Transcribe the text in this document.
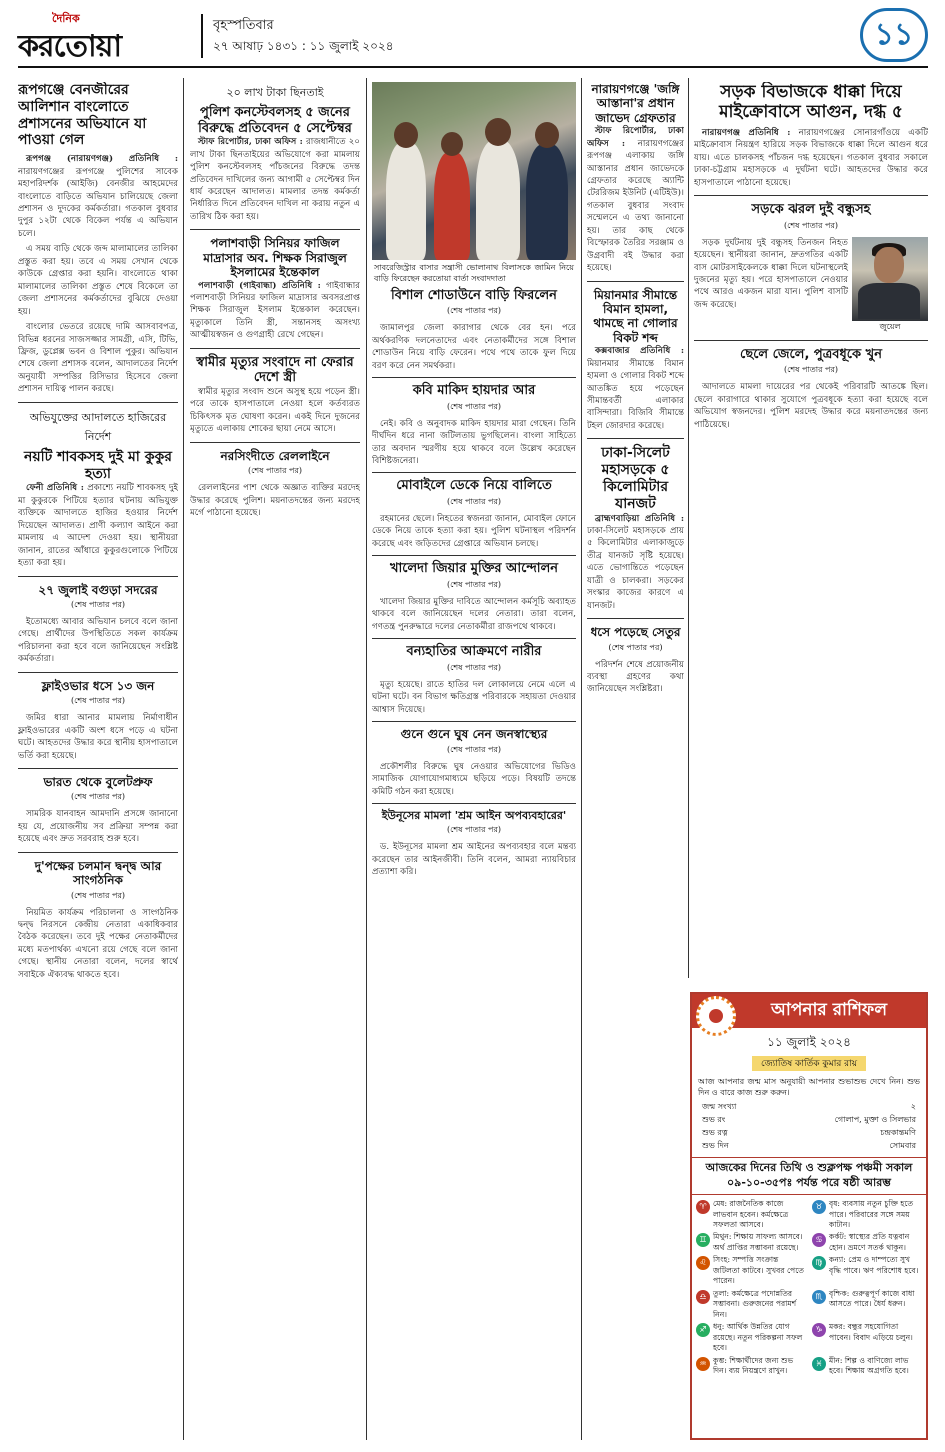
দৈনিক
করতোয়া
বৃহস্পতিবার
২৭ আষাঢ় ১৪৩১ : ১১ জুলাই ২০২৪	১১
রূপগঞ্জে বেনজীরের আলিশান বাংলোতে প্রশাসনের অভিযানে যা পাওয়া গেল

রূপগঞ্জ (নারায়ণগঞ্জ) প্রতিনিধি : নারায়ণগঞ্জের রূপগঞ্জে পুলিশের সাবেক মহাপরিদর্শক (আইজি) বেনজীর আহমেদের বাংলোতে বাড়িতে অভিযান চালিয়েছে জেলা প্রশাসন ও দুদকের কর্মকর্তারা। গতকাল বুধবার দুপুর ১২টা থেকে বিকেল পর্যন্ত এ অভিযান চলে।

এ সময় বাড়ি থেকে জব্দ মালামালের তালিকা প্রস্তুত করা হয়। তবে এ সময় সেখান থেকে কাউকে গ্রেপ্তার করা হয়নি। বাংলোতে থাকা মালামালের তালিকা প্রস্তুত শেষে বিকেলে তা জেলা প্রশাসনের কর্মকর্তাদের বুঝিয়ে দেওয়া হয়।

বাংলোর ভেতরে রয়েছে দামি আসবাবপত্র, বিভিন্ন ধরনের সাজসজ্জার সামগ্রী, এসি, টিভি, ফ্রিজ, ডুপ্লেক্স ভবন ও বিশাল পুকুর। অভিযান শেষে জেলা প্রশাসক বলেন, আদালতের নির্দেশ অনুযায়ী সম্পত্তির রিসিভার হিসেবে জেলা প্রশাসন দায়িত্ব পালন করছে।

অভিযুক্তের আদালতে হাজিরের নির্দেশ
নয়টি শাবকসহ দুই মা কুকুর হত্যা

ফেনী প্রতিনিধি : প্রকাশ্যে নয়টি শাবকসহ দুই মা কুকুরকে পিটিয়ে হত্যার ঘটনায় অভিযুক্ত ব্যক্তিকে আদালতে হাজির হওয়ার নির্দেশ দিয়েছেন আদালত। প্রাণী কল্যাণ আইনে করা মামলায় এ আদেশ দেওয়া হয়। স্থানীয়রা জানান, রাতের আঁধারে কুকুরগুলোকে পিটিয়ে হত্যা করা হয়।

২৭ জুলাই বগুড়া সদরের
(শেষ পাতার পর)

ইতোমধ্যে আবার অভিযান চলবে বলে জানা গেছে। প্রার্থীদের উপস্থিতিতে সকল কার্যক্রম পরিচালনা করা হবে বলে জানিয়েছেন সংশ্লিষ্ট কর্মকর্তারা।

ফ্লাইওভার ধসে ১৩ জন
(শেষ পাতার পর)

জমির ধারা আনার মামলায় নির্মাণাধীন ফ্লাইওভারের একটি অংশ ধসে পড়ে এ ঘটনা ঘটে। আহতদের উদ্ধার করে স্থানীয় হাসপাতালে ভর্তি করা হয়েছে।

ভারত থেকে বুলেটপ্রুফ
(শেষ পাতার পর)

সামরিক যানবাহন আমদানি প্রসঙ্গে জানানো হয় যে, প্রয়োজনীয় সব প্রক্রিয়া সম্পন্ন করা হয়েছে এবং দ্রুত সরবরাহ শুরু হবে।

দু'পক্ষের চলমান দ্বন্দ্ব আর সাংগঠনিক
(শেষ পাতার পর)

নিয়মিত কার্যক্রম পরিচালনা ও সাংগঠনিক দ্বন্দ্ব নিরসনে কেন্দ্রীয় নেতারা একাধিকবার বৈঠক করেছেন। তবে দুই পক্ষের নেতাকর্মীদের মধ্যে মতপার্থক্য এখনো রয়ে গেছে বলে জানা গেছে। স্থানীয় নেতারা বলেন, দলের স্বার্থে সবাইকে ঐক্যবদ্ধ থাকতে হবে।

২০ লাখ টাকা ছিনতাই
পুলিশ কনস্টেবলসহ ৫ জনের বিরুদ্ধে প্রতিবেদন ৫ সেপ্টেম্বর

স্টাফ রিপোর্টার, ঢাকা অফিস : রাজধানীতে ২০ লাখ টাকা ছিনতাইয়ের অভিযোগে করা মামলায় পুলিশ কনস্টেবলসহ পাঁচজনের বিরুদ্ধে তদন্ত প্রতিবেদন দাখিলের জন্য আগামী ৫ সেপ্টেম্বর দিন ধার্য করেছেন আদালত। মামলার তদন্ত কর্মকর্তা নির্ধারিত দিনে প্রতিবেদন দাখিল না করায় নতুন এ তারিখ ঠিক করা হয়।

পলাশবাড়ী সিনিয়র ফাজিল মাদ্রাসার অব. শিক্ষক সিরাজুল ইসলামের ইন্তেকাল

পলাশবাড়ী (গাইবান্ধা) প্রতিনিধি : গাইবান্ধার পলাশবাড়ী সিনিয়র ফাজিল মাদ্রাসার অবসরপ্রাপ্ত শিক্ষক সিরাজুল ইসলাম ইন্তেকাল করেছেন। মৃত্যুকালে তিনি স্ত্রী, সন্তানসহ অসংখ্য আত্মীয়স্বজন ও গুণগ্রাহী রেখে গেছেন।

স্বামীর মৃত্যুর সংবাদে না ফেরার দেশে স্ত্রী

স্বামীর মৃত্যুর সংবাদ শুনে অসুস্থ হয়ে পড়েন স্ত্রী। পরে তাকে হাসপাতালে নেওয়া হলে কর্তব্যরত চিকিৎসক মৃত ঘোষণা করেন। একই দিনে দুজনের মৃত্যুতে এলাকায় শোকের ছায়া নেমে আসে।

নরসিংদীতে রেললাইনে
(শেষ পাতার পর)

রেললাইনের পাশ থেকে অজ্ঞাত ব্যক্তির মরদেহ উদ্ধার করেছে পুলিশ। ময়নাতদন্তের জন্য মরদেহ মর্গে পাঠানো হয়েছে।

সাবরেজিস্ট্রার বাসার সন্ত্রাসী ভোলানাথ বিলাসকে জামিন নিয়ে বাড়ি ফিরেছেন করতোয়া বার্তা সংবাদদাতা
বিশাল শোডাউনে বাড়ি ফিরলেন
(শেষ পাতার পর)

জামালপুর জেলা কারাগার থেকে বের হন। পরে অর্থকরণিক দলনেতাদের এবং নেতাকর্মীদের সঙ্গে বিশাল শোডাউন নিয়ে বাড়ি ফেরেন। পথে পথে তাকে ফুল দিয়ে বরণ করে নেন সমর্থকরা।

কবি মাকিদ হায়দার আর
(শেষ পাতার পর)

নেই। কবি ও অনুবাদক মাকিদ হায়দার মারা গেছেন। তিনি দীর্ঘদিন ধরে নানা জটিলতায় ভুগছিলেন। বাংলা সাহিত্যে তার অবদান স্মরণীয় হয়ে থাকবে বলে উল্লেখ করেছেন বিশিষ্টজনেরা।

মোবাইলে ডেকে নিয়ে বালিতে
(শেষ পাতার পর)

রহমানের ছেলে। নিহতের স্বজনরা জানান, মোবাইল ফোনে ডেকে নিয়ে তাকে হত্যা করা হয়। পুলিশ ঘটনাস্থল পরিদর্শন করেছে এবং জড়িতদের গ্রেপ্তারে অভিযান চলছে।

খালেদা জিয়ার মুক্তির আন্দোলন
(শেষ পাতার পর)

খালেদা জিয়ার মুক্তির দাবিতে আন্দোলন কর্মসূচি অব্যাহত থাকবে বলে জানিয়েছেন দলের নেতারা। তারা বলেন, গণতন্ত্র পুনরুদ্ধারে দলের নেতাকর্মীরা রাজপথে থাকবে।

বন্যহাতির আক্রমণে নারীর
(শেষ পাতার পর)

মৃত্যু হয়েছে। রাতে হাতির দল লোকালয়ে নেমে এলে এ ঘটনা ঘটে। বন বিভাগ ক্ষতিগ্রস্ত পরিবারকে সহায়তা দেওয়ার আশ্বাস দিয়েছে।

গুনে গুনে ঘুষ নেন জনস্বাস্থ্যের
(শেষ পাতার পর)

প্রকৌশলীর বিরুদ্ধে ঘুষ নেওয়ার অভিযোগের ভিডিও সামাজিক যোগাযোগমাধ্যমে ছড়িয়ে পড়ে। বিষয়টি তদন্তে কমিটি গঠন করা হয়েছে।

ইউনূসের মামলা 'শ্রম আইন অপব্যবহারের'
(শেষ পাতার পর)

ড. ইউনূসের মামলা শ্রম আইনের অপব্যবহার বলে মন্তব্য করেছেন তার আইনজীবী। তিনি বলেন, আমরা ন্যায়বিচার প্রত্যাশা করি।

নারায়ণগঞ্জে 'জঙ্গি আস্তানা'র প্রধান জাভেদ গ্রেফতার

স্টাফ রিপোর্টার, ঢাকা অফিস : নারায়ণগঞ্জের রূপগঞ্জ এলাকায় জঙ্গি আস্তানার প্রধান জাভেদকে গ্রেফতার করেছে অ্যান্টি টেররিজম ইউনিট (এটিইউ)। গতকাল বুধবার সংবাদ সম্মেলনে এ তথ্য জানানো হয়। তার কাছ থেকে বিস্ফোরক তৈরির সরঞ্জাম ও উগ্রবাদী বই উদ্ধার করা হয়েছে।

মিয়ানমার সীমান্তে বিমান হামলা, থামছে না গোলার বিকট শব্দ

কক্সবাজার প্রতিনিধি : মিয়ানমার সীমান্তে বিমান হামলা ও গোলার বিকট শব্দে আতঙ্কিত হয়ে পড়েছেন সীমান্তবর্তী এলাকার বাসিন্দারা। বিজিবি সীমান্তে টহল জোরদার করেছে।

ঢাকা-সিলেট মহাসড়কে ৫ কিলোমিটার যানজট

ব্রাহ্মণবাড়িয়া প্রতিনিধি : ঢাকা-সিলেট মহাসড়কে প্রায় ৫ কিলোমিটার এলাকাজুড়ে তীব্র যানজট সৃষ্টি হয়েছে। এতে ভোগান্তিতে পড়েছেন যাত্রী ও চালকরা। সড়কের সংস্কার কাজের কারণে এ যানজট।

ধসে পড়েছে সেতুর
(শেষ পাতার পর)

পরিদর্শন শেষে প্রয়োজনীয় ব্যবস্থা গ্রহণের কথা জানিয়েছেন সংশ্লিষ্টরা।

সড়ক বিভাজকে ধাক্কা দিয়ে মাইক্রোবাসে আগুন, দগ্ধ ৫

নারায়ণগঞ্জ প্রতিনিধি : নারায়ণগঞ্জের সোনারগাঁওয়ে একটি মাইক্রোবাস নিয়ন্ত্রণ হারিয়ে সড়ক বিভাজকে ধাক্কা দিলে আগুন ধরে যায়। এতে চালকসহ পাঁচজন দগ্ধ হয়েছেন। গতকাল বুধবার সকালে ঢাকা-চট্টগ্রাম মহাসড়কে এ দুর্ঘটনা ঘটে। আহতদের উদ্ধার করে হাসপাতালে পাঠানো হয়েছে।

সড়কে ঝরল দুই বন্ধুসহ
(শেষ পাতার পর)

সড়ক দুর্ঘটনায় দুই বন্ধুসহ তিনজন নিহত হয়েছেন। স্থানীয়রা জানান, দ্রুতগতির একটি বাস মোটরসাইকেলকে ধাক্কা দিলে ঘটনাস্থলেই দুজনের মৃত্যু হয়। পরে হাসপাতালে নেওয়ার পথে আরও একজন মারা যান। পুলিশ বাসটি জব্দ করেছে।

জুয়েল
ছেলে জেলে, পুত্রবধূকে খুন
(শেষ পাতার পর)

আদালতে মামলা দায়েরের পর থেকেই পরিবারটি আতঙ্কে ছিল। ছেলে কারাগারে থাকার সুযোগে পুত্রবধূকে হত্যা করা হয়েছে বলে অভিযোগ স্বজনদের। পুলিশ মরদেহ উদ্ধার করে ময়নাতদন্তের জন্য পাঠিয়েছে।

আপনার রাশিফল
১১ জুলাই ২০২৪
জ্যোতিষ কার্তিক কুমার রায়
আজ আপনার জন্ম মাস অনুযায়ী আপনার শুভাশুভ দেখে নিন। শুভ দিন ও বারে কাজ শুরু করুন।
জন্ম সংখ্যা	২
শুভ রং	গোলাপ, মুক্তা ও সিলভার
শুভ রত্ন	চন্দ্রকান্তমণি
শুভ দিন	সোমবার
আজকের দিনের তিথি ও শুক্লপক্ষ পঞ্চমী সকাল ০৯-১০-৩৫পঃ পর্যন্ত পরে ষষ্ঠী আরম্ভ
♈ মেষ: রাজনৈতিক কাজে লাভবান হবেন। কর্মক্ষেত্রে সফলতা আসবে।
♉ বৃষ: ব্যবসায় নতুন চুক্তি হতে পারে। পরিবারের সঙ্গে সময় কাটান।
♊ মিথুন: শিক্ষায় সাফল্য আসবে। অর্থ প্রাপ্তির সম্ভাবনা রয়েছে।
♋ কর্কট: স্বাস্থ্যের প্রতি যত্নবান হোন। ভ্রমণে সতর্ক থাকুন।
♌ সিংহ: সম্পত্তি সংক্রান্ত জটিলতা কাটবে। সুখবর পেতে পারেন।
♍ কন্যা: প্রেম ও দাম্পত্যে সুখ বৃদ্ধি পাবে। ঋণ পরিশোধ হবে।
♎ তুলা: কর্মক্ষেত্রে পদোন্নতির সম্ভাবনা। গুরুজনের পরামর্শ নিন।
♏ বৃশ্চিক: গুরুত্বপূর্ণ কাজে বাধা আসতে পারে। ধৈর্য ধরুন।
♐ ধনু: আর্থিক উন্নতির যোগ রয়েছে। নতুন পরিকল্পনা সফল হবে।
♑ মকর: বন্ধুর সহযোগিতা পাবেন। বিবাদ এড়িয়ে চলুন।
♒ কুম্ভ: শিক্ষার্থীদের জন্য শুভ দিন। ব্যয় নিয়ন্ত্রণে রাখুন।
♓ মীন: শিল্প ও বাণিজ্যে লাভ হবে। শিক্ষায় অগ্রগতি হবে।
